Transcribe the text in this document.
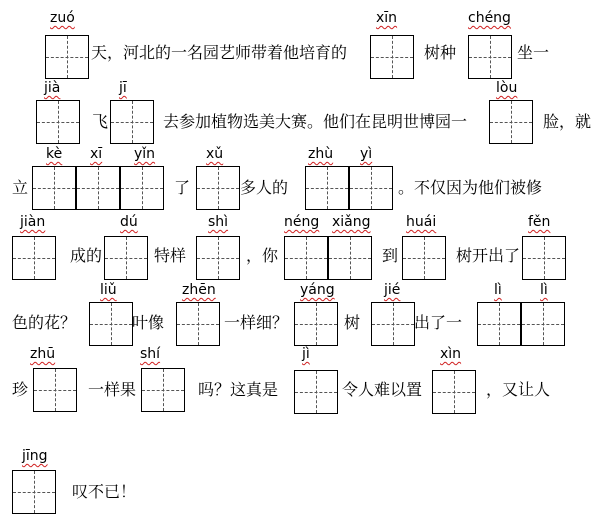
zuó
天，河北的一名园艺师带着他培育的
xīn
树种
chéng
坐一
jià
飞
jī
去参加植物选美大赛。他们在昆明世博园一
lòu
脸，就
立
kè xī yǐn
了
xǔ
多人的
zhù yì
。不仅因为他们被修
jiàn
成的
dú
特样
shì
，你
néng xiǎng
到
huái
树开出了
fěn
色的花？
liǔ
叶像
zhēn
一样细？
yáng
树
jié
出了一
lì	lì
珍
zhū
一样果
shí
吗？这真是
jì
令人难以置
xìn
，又让人
jīng
叹不已！
